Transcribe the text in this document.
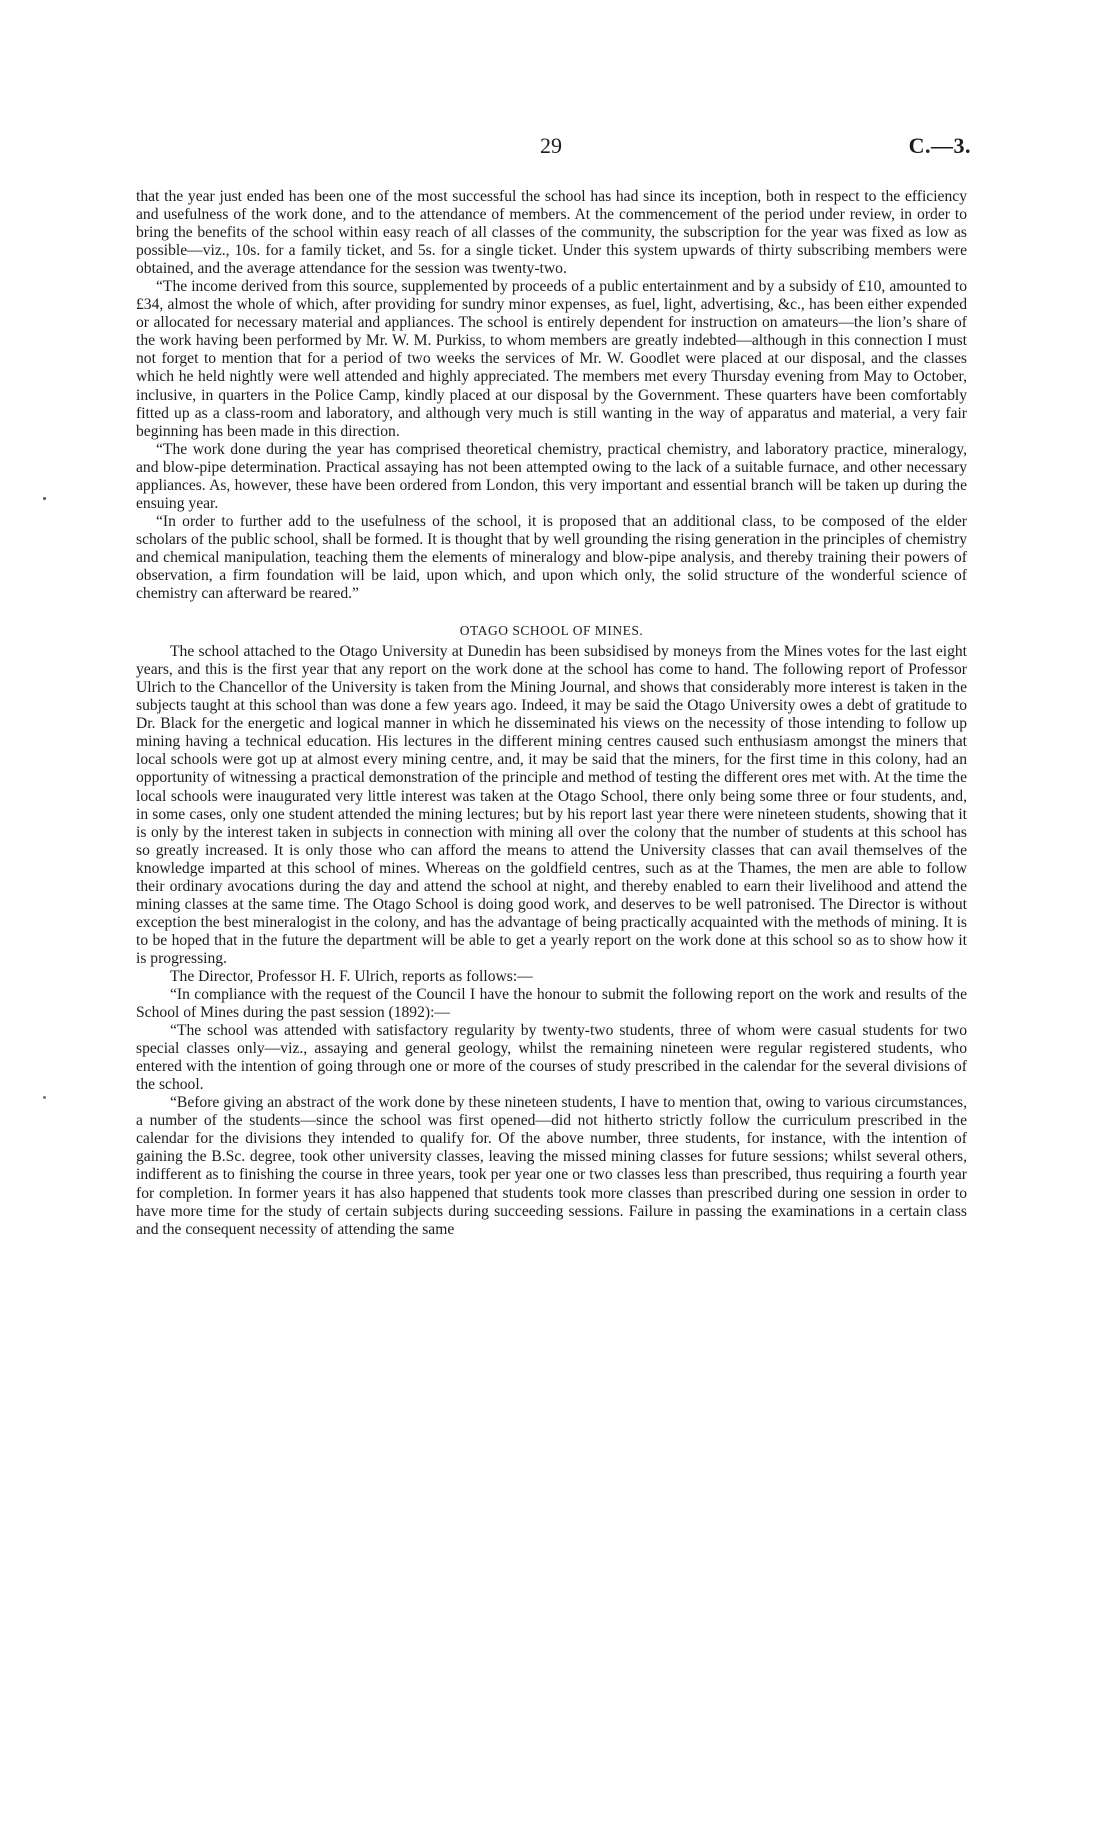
29	C.—3.

that the year just ended has been one of the most successful the school has had since its inception, both in respect to the efficiency and usefulness of the work done, and to the attendance of members. At the commencement of the period under review, in order to bring the benefits of the school within easy reach of all classes of the community, the subscription for the year was fixed as low as possible—viz., 10s. for a family ticket, and 5s. for a single ticket. Under this system upwards of thirty subscribing members were obtained, and the average attendance for the session was twenty-two.

“The income derived from this source, supplemented by proceeds of a public entertainment and by a subsidy of £10, amounted to £34, almost the whole of which, after providing for sundry minor expenses, as fuel, light, advertising, &c., has been either expended or allocated for necessary material and appliances. The school is entirely dependent for instruction on amateurs—the lion’s share of the work having been performed by Mr. W. M. Purkiss, to whom members are greatly indebted—although in this connection I must not forget to mention that for a period of two weeks the services of Mr. W. Goodlet were placed at our disposal, and the classes which he held nightly were well attended and highly appreciated. The members met every Thursday evening from May to October, inclusive, in quarters in the Police Camp, kindly placed at our disposal by the Government. These quarters have been comfortably fitted up as a class-room and laboratory, and although very much is still wanting in the way of apparatus and material, a very fair beginning has been made in this direction.

“The work done during the year has comprised theoretical chemistry, practical chemistry, and laboratory practice, mineralogy, and blow-pipe determination. Practical assaying has not been attempted owing to the lack of a suitable furnace, and other necessary appliances. As, however, these have been ordered from London, this very important and essential branch will be taken up during the ensuing year.

“In order to further add to the usefulness of the school, it is proposed that an additional class, to be composed of the elder scholars of the public school, shall be formed. It is thought that by well grounding the rising generation in the principles of chemistry and chemical manipulation, teaching them the elements of mineralogy and blow-pipe analysis, and thereby training their powers of observation, a firm foundation will be laid, upon which, and upon which only, the solid structure of the wonderful science of chemistry can afterward be reared.”

OTAGO SCHOOL OF MINES.

The school attached to the Otago University at Dunedin has been subsidised by moneys from the Mines votes for the last eight years, and this is the first year that any report on the work done at the school has come to hand. The following report of Professor Ulrich to the Chancellor of the University is taken from the Mining Journal, and shows that considerably more interest is taken in the subjects taught at this school than was done a few years ago. Indeed, it may be said the Otago University owes a debt of gratitude to Dr. Black for the energetic and logical manner in which he disseminated his views on the necessity of those intending to follow up mining having a technical education. His lectures in the different mining centres caused such enthusiasm amongst the miners that local schools were got up at almost every mining centre, and, it may be said that the miners, for the first time in this colony, had an opportunity of witnessing a practical demonstration of the principle and method of testing the different ores met with. At the time the local schools were inaugurated very little interest was taken at the Otago School, there only being some three or four students, and, in some cases, only one student attended the mining lectures; but by his report last year there were nineteen students, showing that it is only by the interest taken in subjects in connection with mining all over the colony that the number of students at this school has so greatly increased. It is only those who can afford the means to attend the University classes that can avail themselves of the knowledge imparted at this school of mines. Whereas on the goldfield centres, such as at the Thames, the men are able to follow their ordinary avocations during the day and attend the school at night, and thereby enabled to earn their livelihood and attend the mining classes at the same time. The Otago School is doing good work, and deserves to be well patronised. The Director is without exception the best mineralogist in the colony, and has the advantage of being practically acquainted with the methods of mining. It is to be hoped that in the future the department will be able to get a yearly report on the work done at this school so as to show how it is progressing.

The Director, Professor H. F. Ulrich, reports as follows:—

“In compliance with the request of the Council I have the honour to submit the following report on the work and results of the School of Mines during the past session (1892):—

“The school was attended with satisfactory regularity by twenty-two students, three of whom were casual students for two special classes only—viz., assaying and general geology, whilst the remaining nineteen were regular registered students, who entered with the intention of going through one or more of the courses of study prescribed in the calendar for the several divisions of the school.

“Before giving an abstract of the work done by these nineteen students, I have to mention that, owing to various circumstances, a number of the students—since the school was first opened—did not hitherto strictly follow the curriculum prescribed in the calendar for the divisions they intended to qualify for. Of the above number, three students, for instance, with the intention of gaining the B.Sc. degree, took other university classes, leaving the missed mining classes for future sessions; whilst several others, indifferent as to finishing the course in three years, took per year one or two classes less than prescribed, thus requiring a fourth year for completion. In former years it has also happened that students took more classes than prescribed during one session in order to have more time for the study of certain subjects during succeeding sessions. Failure in passing the examinations in a certain class and the consequent necessity of attending the same
